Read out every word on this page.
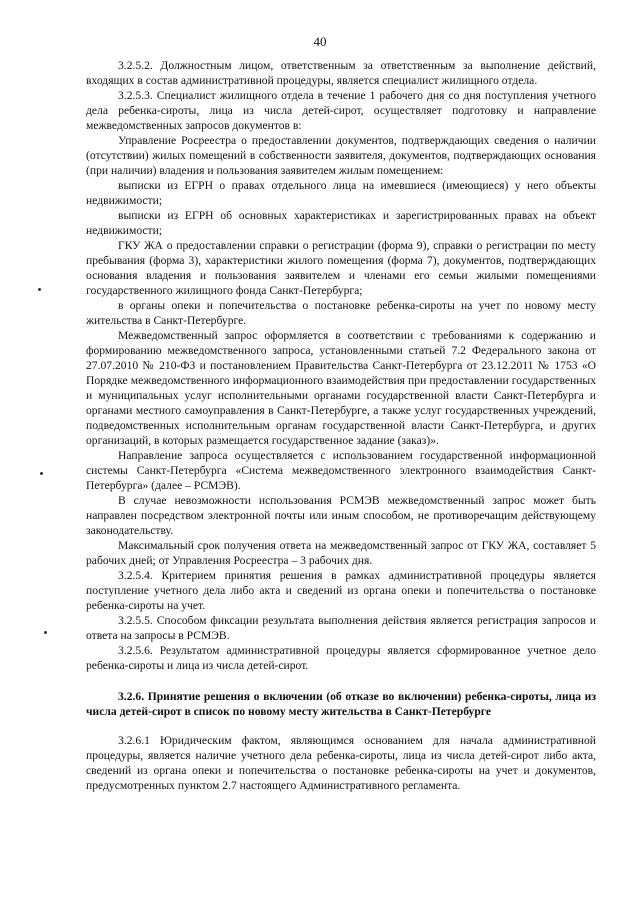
40

3.2.5.2. Должностным лицом, ответственным за ответственным за выполнение действий, входящих в состав административной процедуры, является специалист жилищного отдела.

3.2.5.3. Специалист жилищного отдела в течение 1 рабочего дня со дня поступления учетного дела ребенка-сироты, лица из числа детей-сирот, осуществляет подготовку и направление межведомственных запросов документов в:

Управление Росреестра о предоставлении документов, подтверждающих сведения о наличии (отсутствии) жилых помещений в собственности заявителя, документов, подтверждающих основания (при наличии) владения и пользования заявителем жилым помещением:

выписки из ЕГРН о правах отдельного лица на имевшиеся (имеющиеся) у него объекты недвижимости;

выписки из ЕГРН об основных характеристиках и зарегистрированных правах на объект недвижимости;

ГКУ ЖА о предоставлении справки о регистрации (форма 9), справки о регистрации по месту пребывания (форма 3), характеристики жилого помещения (форма 7), документов, подтверждающих основания владения и пользования заявителем и членами его семьи жилыми помещениями государственного жилищного фонда Санкт-Петербурга;

в органы опеки и попечительства о постановке ребенка-сироты на учет по новому месту жительства в Санкт-Петербурге.

Межведомственный запрос оформляется в соответствии с требованиями к содержанию и формированию межведомственного запроса, установленными статьей 7.2 Федерального закона от 27.07.2010 № 210-ФЗ и постановлением Правительства Санкт-Петербурга от 23.12.2011 № 1753 «О Порядке межведомственного информационного взаимодействия при предоставлении государственных и муниципальных услуг исполнительными органами государственной власти Санкт-Петербурга и органами местного самоуправления в Санкт-Петербурге, а также услуг государственных учреждений, подведомственных исполнительным органам государственной власти Санкт-Петербурга, и других организаций, в которых размещается государственное задание (заказ)».

Направление запроса осуществляется с использованием государственной информационной системы Санкт-Петербурга «Система межведомственного электронного взаимодействия Санкт-Петербурга» (далее – РСМЭВ).

В случае невозможности использования РСМЭВ межведомственный запрос может быть направлен посредством электронной почты или иным способом, не противоречащим действующему законодательству.

Максимальный срок получения ответа на межведомственный запрос от ГКУ ЖА, составляет 5 рабочих дней; от Управления Росреестра – 3 рабочих дня.

3.2.5.4. Критерием принятия решения в рамках административной процедуры является поступление учетного дела либо акта и сведений из органа опеки и попечительства о постановке ребенка-сироты на учет.

3.2.5.5. Способом фиксации результата выполнения действия является регистрация запросов и ответа на запросы в РСМЭВ.

3.2.5.6. Результатом административной процедуры является сформированное учетное дело ребенка-сироты и лица из числа детей-сирот.

3.2.6. Принятие решения о включении (об отказе во включении) ребенка-сироты, лица из числа детей-сирот в список по новому месту жительства в Санкт-Петербурге

3.2.6.1 Юридическим фактом, являющимся основанием для начала административной процедуры, является наличие учетного дела ребенка-сироты, лица из числа детей-сирот либо акта, сведений из органа опеки и попечительства о постановке ребенка-сироты на учет и документов, предусмотренных пунктом 2.7 настоящего Административного регламента.
